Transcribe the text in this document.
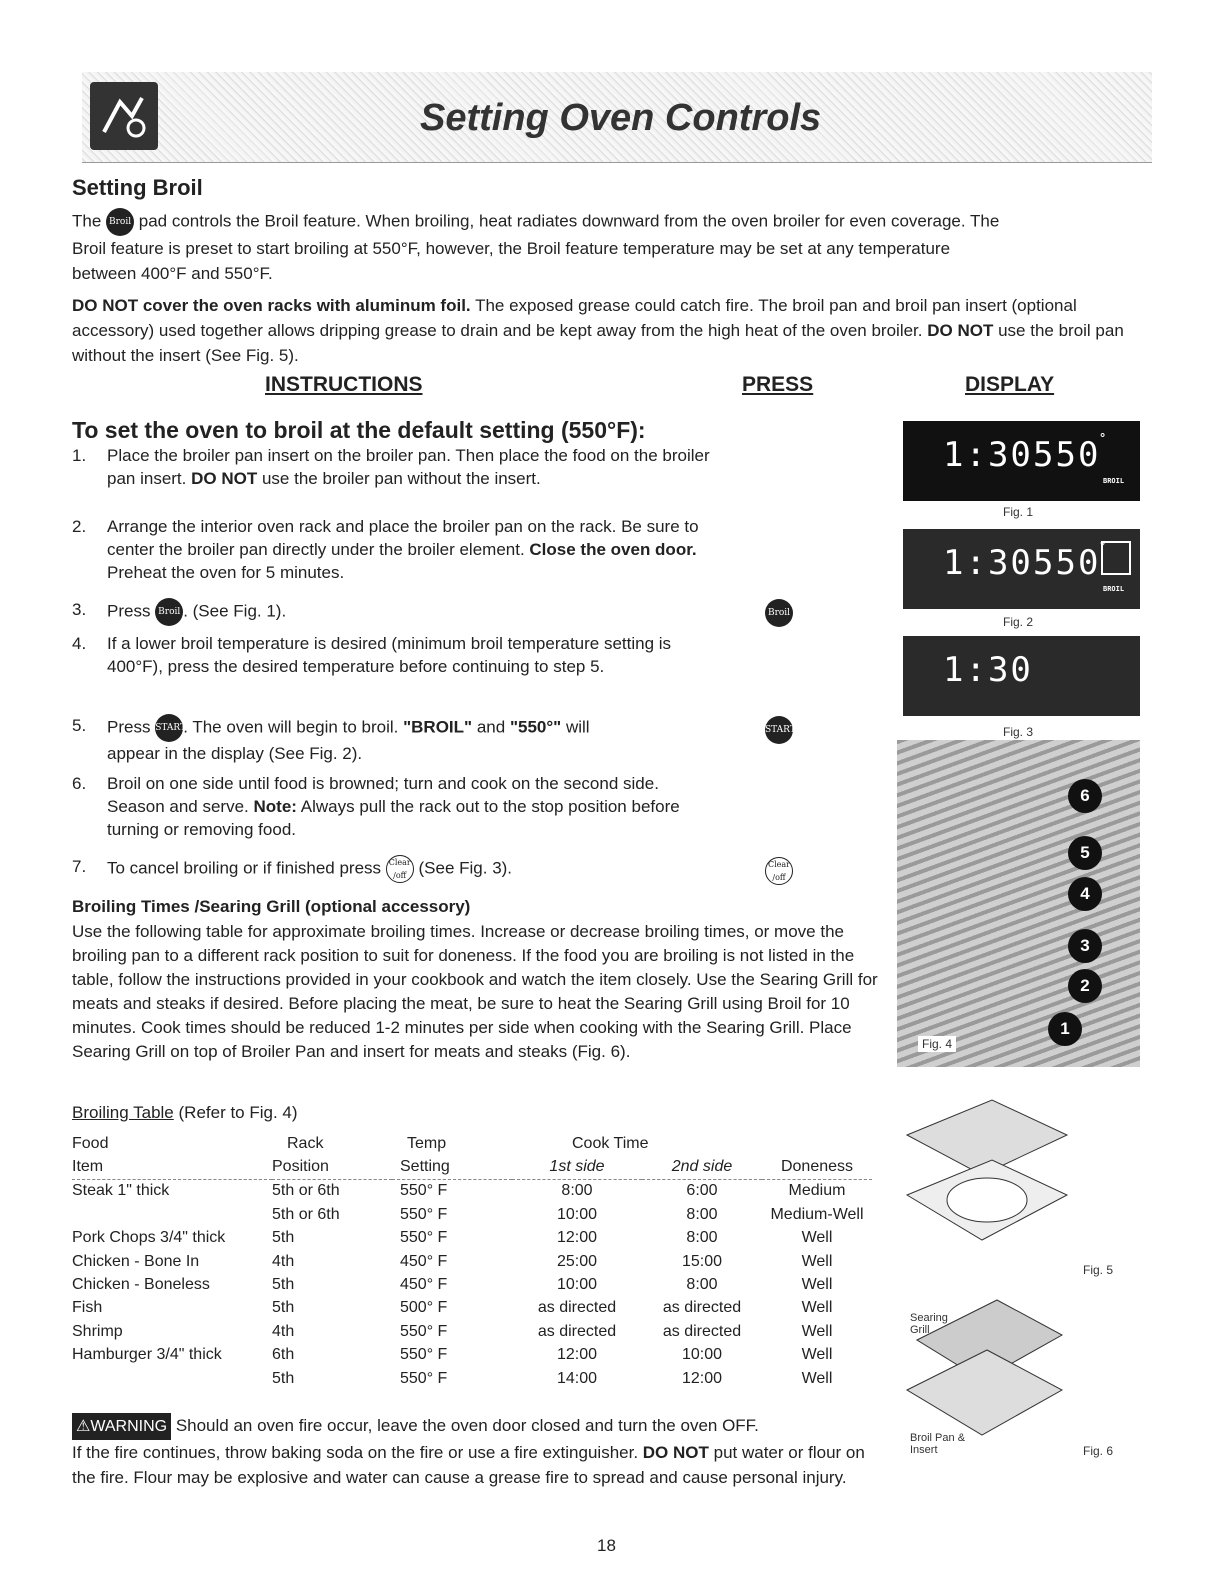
Setting Oven Controls
Setting Broil
The Broil pad controls the Broil feature. When broiling, heat radiates downward from the oven broiler for even coverage. The
Broil feature is preset to start broiling at 550°F, however, the Broil feature temperature may be set at any temperature
between 400°F and 550°F.
DO NOT cover the oven racks with aluminum foil. The exposed grease could catch fire. The broil pan and broil pan insert (optional accessory) used together allows dripping grease to drain and be kept away from the high heat of the oven broiler. DO NOT use the broil pan without the insert (See Fig. 5).
INSTRUCTIONS	PRESS	DISPLAY
To set the oven to broil at the default setting (550°F):
1. Place the broiler pan insert on the broiler pan. Then place the food on the broiler pan insert. DO NOT use the broiler pan without the insert.
2. Arrange the interior oven rack and place the broiler pan on the rack. Be sure to center the broiler pan directly under the broiler element. Close the oven door. Preheat the oven for 5 minutes.
3. Press Broil . (See Fig. 1).
4. If a lower broil temperature is desired (minimum broil temperature setting is 400°F), press the desired temperature before continuing to step 5.
5. Press START. The oven will begin to broil. "BROIL" and "550°" will
appear in the display (See Fig. 2).
6. Broil on one side until food is browned; turn and cook on the second side. Season and serve. Note: Always pull the rack out to the stop position before turning or removing food.
7. To cancel broiling or if finished press Clear /off (See Fig. 3).
Broil
START
Clear /off
1:30 550
°
BROIL
Fig. 1
1:30 550
°
BROIL
Fig. 2
1:30
Fig. 3
6
5
4
3
2
1
Fig. 4
Fig. 5
Searing Grill
Broil Pan & Insert	Fig. 6
Broiling Times /Searing Grill (optional accessory)
Use the following table for approximate broiling times. Increase or decrease broiling times, or move the broiling pan to a different rack position to suit for doneness. If the food you are broiling is not listed in the table, follow the instructions provided in your cookbook and watch the item closely. Use the Searing Grill for meats and steaks if desired. Before placing the meat, be sure to heat the Searing Grill using Broil for 10 minutes. Cook times should be reduced 1-2 minutes per side when cooking with the Searing Grill. Place Searing Grill on top of Broiler Pan and insert for meats and steaks (Fig. 6).
Broiling Table (Refer to Fig. 4)
Food	Rack	Temp	Cook Time		
Item	Position	Setting	1st side	2nd side	Doneness
Steak 1" thick	5th or 6th	550° F	8:00	6:00	Medium
	5th or 6th	550° F	10:00	8:00	Medium-Well
Pork Chops 3/4" thick	5th	550° F	12:00	8:00	Well
Chicken - Bone In	4th	450° F	25:00	15:00	Well
Chicken - Boneless	5th	450° F	10:00	8:00	Well
Fish	5th	500° F	as directed	as directed	Well
Shrimp	4th	550° F	as directed	as directed	Well
Hamburger 3/4" thick	6th	550° F	12:00	10:00	Well
	5th	550° F	14:00	12:00	Well
⚠WARNING Should an oven fire occur, leave the oven door closed and turn the oven OFF.
If the fire continues, throw baking soda on the fire or use a fire extinguisher. DO NOT put water or flour on the fire. Flour may be explosive and water can cause a grease fire to spread and cause personal injury.
18
